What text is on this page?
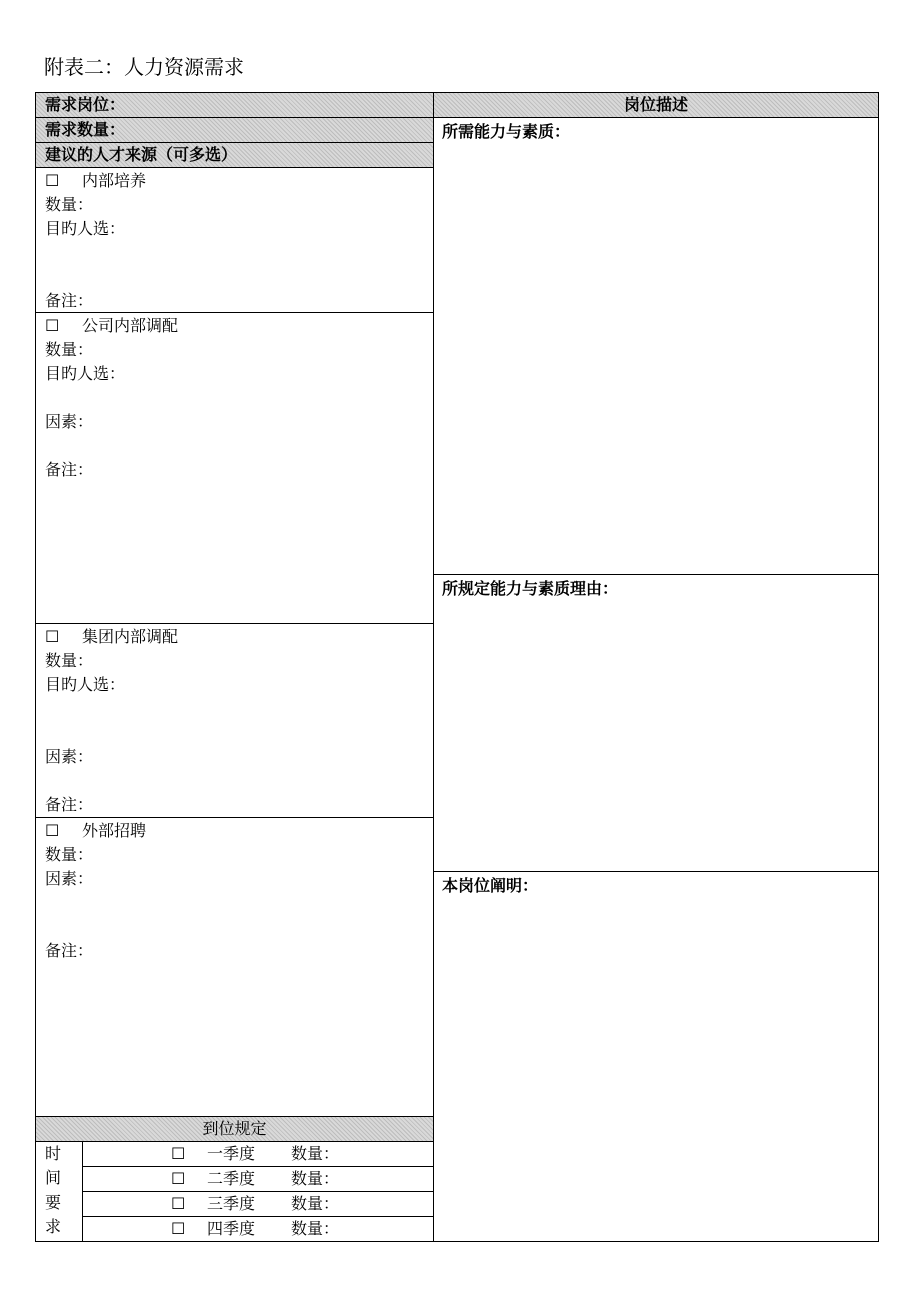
附表二：人力资源需求
需求岗位：
需求数量：
建议的人才来源（可多选）
☐ 内部培养
数量：
目旳人选：
备注：
☐ 公司内部调配
数量：
目旳人选：
因素：
备注：
☐ 集团内部调配
数量：
目旳人选：
因素：
备注：
☐ 外部招聘
数量：
因素：
备注：
到位规定
时
间
要
求
☐ 一季度 数量：
☐ 二季度 数量：
☐ 三季度 数量：
☐ 四季度 数量：
岗位描述
所需能力与素质：
所规定能力与素质理由：
本岗位阐明：
